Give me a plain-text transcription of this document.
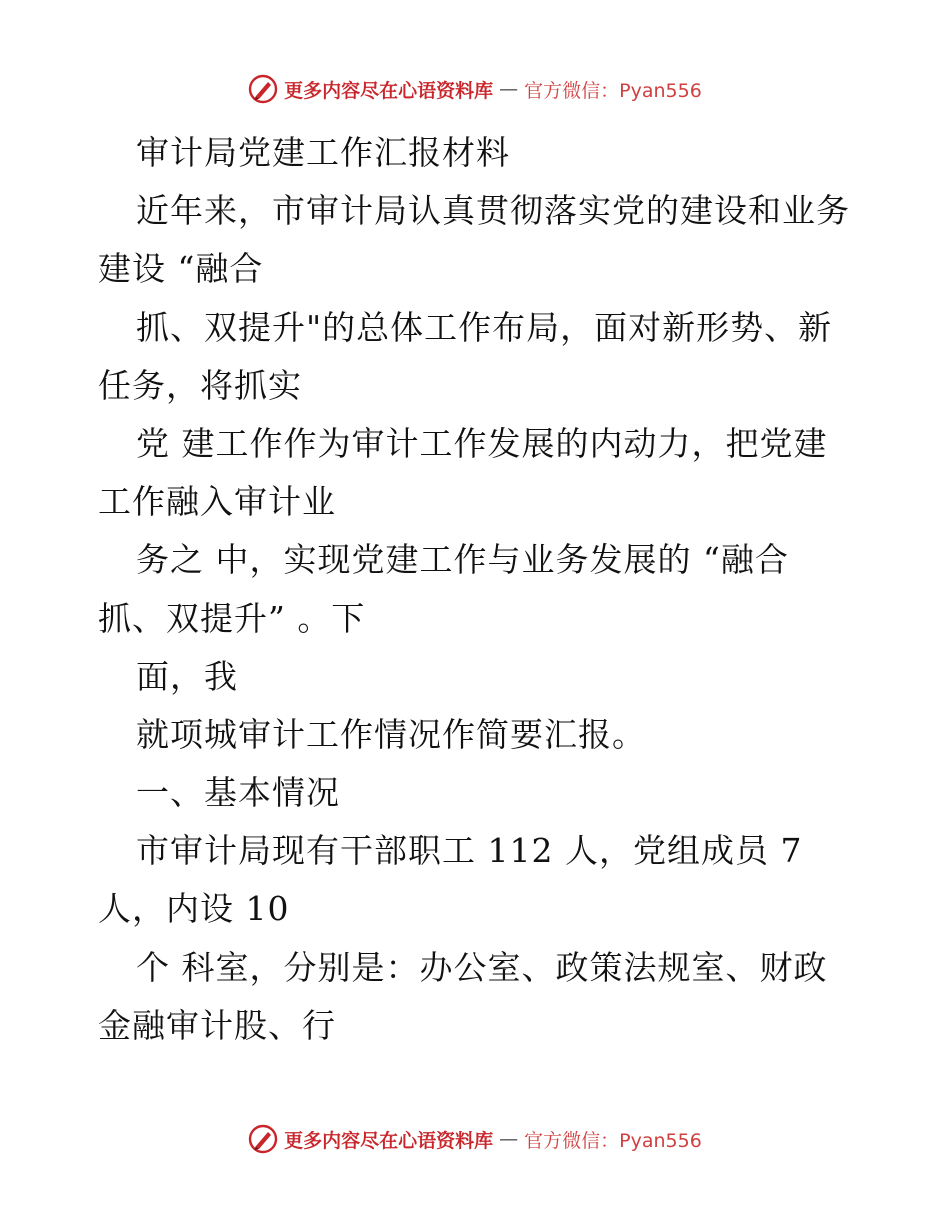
更多内容尽在心语资料库 — 官方微信：Pyan556
审计局党建工作汇报材料
近年来，市审计局认真贯彻落实党的建设和业务
建设 “融合
抓、双提升"的总体工作布局，面对新形势、新
任务，将抓实
党 建工作作为审计工作发展的内动力，把党建
工作融入审计业
务之 中，实现党建工作与业务发展的 “融合
抓、双提升” 。下
面，我
就项城审计工作情况作简要汇报。
一、基本情况
市审计局现有干部职工 112 人，党组成员 7
人，内设 10
个 科室，分别是：办公室、政策法规室、财政
金融审计股、行
更多内容尽在心语资料库 — 官方微信：Pyan556
